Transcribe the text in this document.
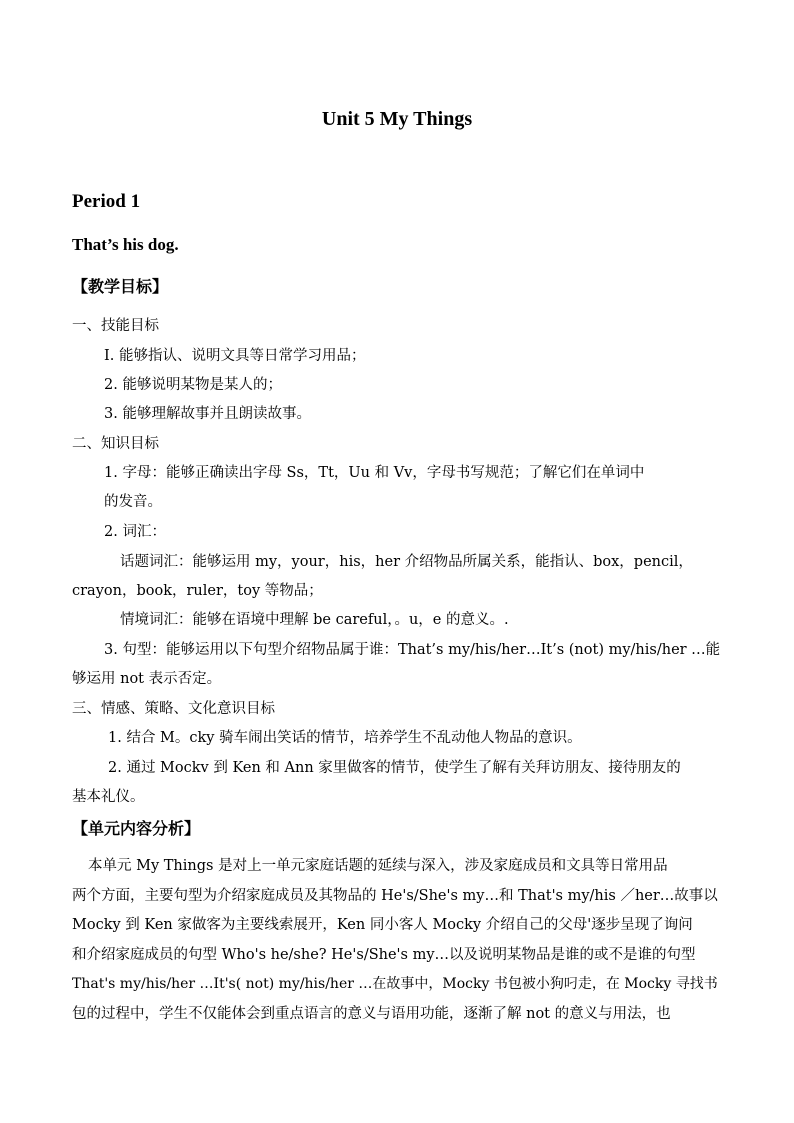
Unit 5 My Things
Period 1
That’s his dog.
【教学目标】
一、技能目标
I. 能够指认、说明文具等日常学习用品；
2. 能够说明某物是某人的；
3. 能够理解故事并且朗读故事。
二、知识目标
1. 字母：能够正确读出字母 Ss，Tt，Uu 和 Vv，字母书写规范；了解它们在单词中
的发音。
2. 词汇：
话题词汇：能够运用 my，your，his，her 介绍物品所属关系，能指认、box，pencil，
crayon，book，ruler，toy 等物品；
情境词汇：能够在语境中理解 be careful，。u，e 的意义。.
3. 句型：能够运用以下句型介绍物品属于谁：That’s my/his/her…It’s (not) my/his/her …能
够运用 not 表示否定。
三、情感、策略、文化意识目标
1. 结合 M。cky 骑车闹出笑话的情节，培养学生不乱动他人物品的意识。
2. 通过 Mockv 到 Ken 和 Ann 家里做客的情节，使学生了解有关拜访朋友、接待朋友的
基本礼仪。
【单元内容分析】
本单元 My Things 是对上一单元家庭话题的延续与深入，涉及家庭成员和文具等日常用品
两个方面，主要句型为介绍家庭成员及其物品的 He's/She's my…和 That's my/his ／her…故事以
Mocky 到 Ken 家做客为主要线索展开，Ken 同小客人 Mocky 介绍自己的父母'逐步呈现了询问
和介绍家庭成员的句型 Who's he/she? He's/She's my…以及说明某物品是谁的或不是谁的句型
That's my/his/her …It's( not) my/his/her …在故事中，Mocky 书包被小狗叼走，在 Mocky 寻找书
包的过程中，学生不仅能体会到重点语言的意义与语用功能，逐渐了解 not 的意义与用法，也
